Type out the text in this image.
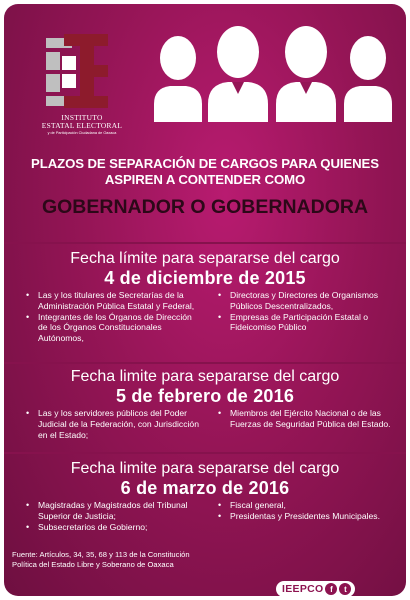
INSTITUTO
ESTATAL ELECTORAL
y de Participación Ciudadana de Oaxaca
PLAZOS DE SEPARACIÓN DE CARGOS PARA QUIENES
ASPIREN A CONTENDER COMO
GOBERNADOR O GOBERNADORA
Fecha límite para separarse del cargo
4 de diciembre de 2015
• Las y los titulares de Secretarías de la Administración Pública Estatal y Federal,
• Integrantes de los Órganos de Dirección de los Órganos Constitucionales Autónomos,
• Directoras y Directores de Organismos Públicos Descentralizados,
• Empresas de Participación Estatal o Fideicomiso Público
Fecha limite para separarse del cargo
5 de febrero de 2016
• Las y los servidores públicos del Poder Judicial de la Federación, con Jurisdicción en el Estado;
• Miembros del Ejército Nacional o de las Fuerzas de Seguridad Pública del Estado.
Fecha limite para separarse del cargo
6 de marzo de 2016
• Magistradas y Magistrados del Tribunal Superior de Justicia;
• Subsecretarios de Gobierno;
• Fiscal general,
• Presidentas y Presidentes Municipales.
Fuente: Artículos, 34, 35, 68 y 113 de la Constitución Política del Estado Libre y Soberano de Oaxaca
IEEPCO f	t
